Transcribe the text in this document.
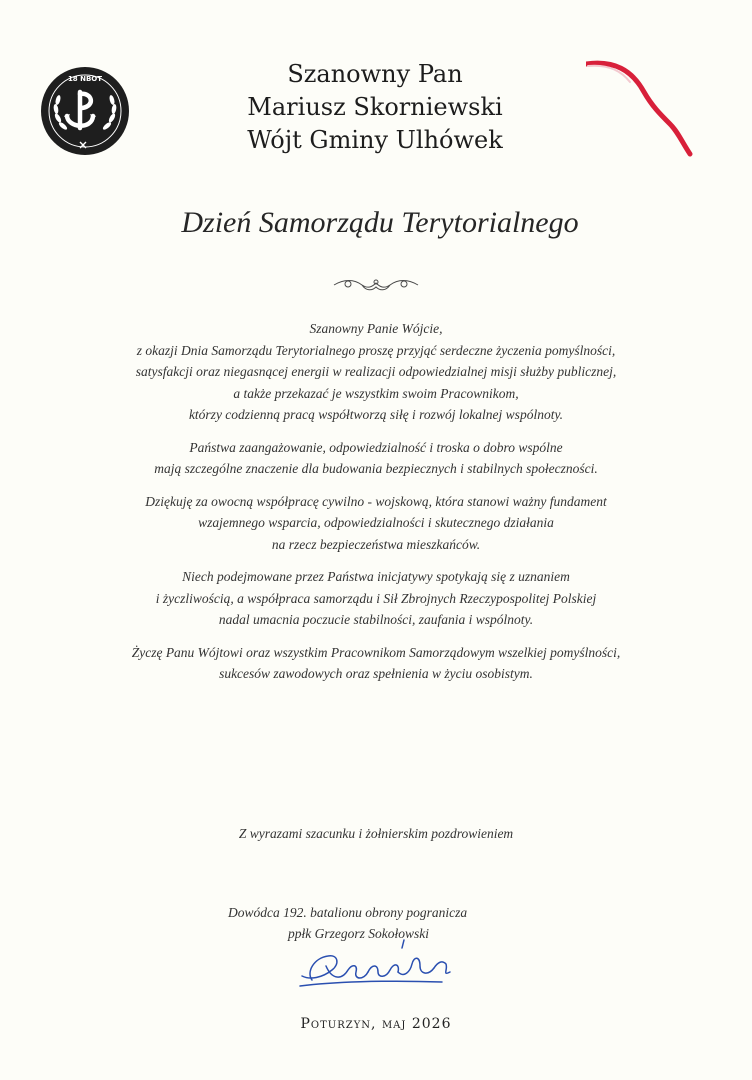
18 NBOT	Szanowny Pan
Mariusz Skorniewski
Wójt Gminy Ulhówek
Dzień Samorządu Terytorialnego
Szanowny Panie Wójcie,
z okazji Dnia Samorządu Terytorialnego proszę przyjąć serdeczne życzenia pomyślności,
satysfakcji oraz niegasnącej energii w realizacji odpowiedzialnej misji służby publicznej,
a także przekazać je wszystkim swoim Pracownikom,
którzy codzienną pracą współtworzą siłę i rozwój lokalnej wspólnoty.
Państwa zaangażowanie, odpowiedzialność i troska o dobro wspólne
mają szczególne znaczenie dla budowania bezpiecznych i stabilnych społeczności.
Dziękuję za owocną współpracę cywilno - wojskową, która stanowi ważny fundament
wzajemnego wsparcia, odpowiedzialności i skutecznego działania
na rzecz bezpieczeństwa mieszkańców.
Niech podejmowane przez Państwa inicjatywy spotykają się z uznaniem
i życzliwością, a współpraca samorządu i Sił Zbrojnych Rzeczypospolitej Polskiej
nadal umacnia poczucie stabilności, zaufania i wspólnoty.
Życzę Panu Wójtowi oraz wszystkim Pracownikom Samorządowym wszelkiej pomyślności,
sukcesów zawodowych oraz spełnienia w życiu osobistym.
Z wyrazami szacunku i żołnierskim pozdrowieniem
Dowódca 192. batalionu obrony pogranicza
ppłk Grzegorz Sokołowski
Poturzyn, maj 2026
